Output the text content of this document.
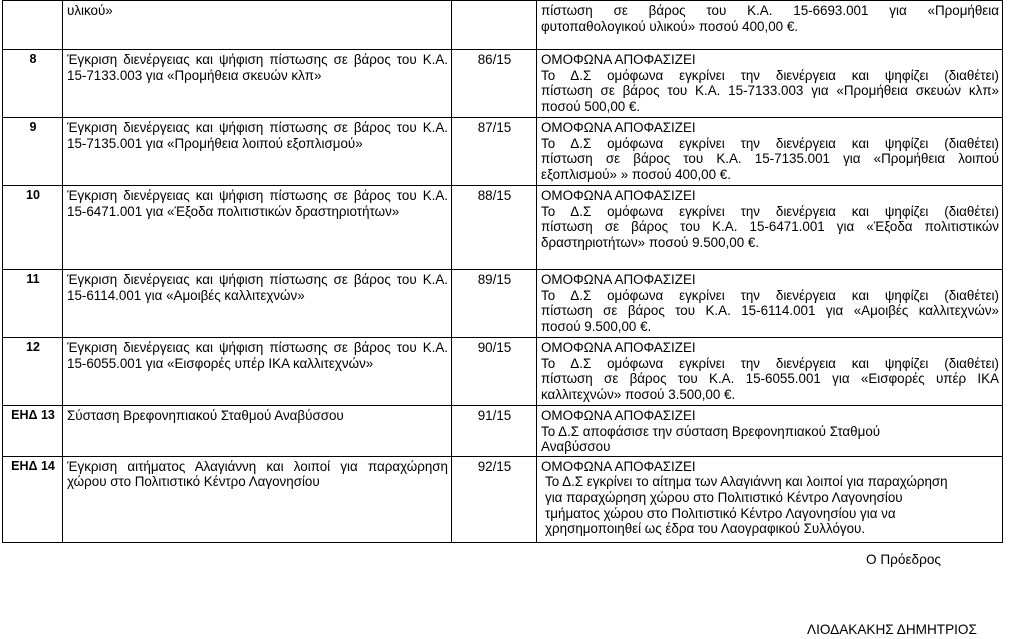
	υλικού»		πίστωση σε βάρος του Κ.Α. 15-6693.001 για «Προμήθεια
φυτοπαθολογικού υλικού» ποσού 400,00 €.

8	Έγκριση διενέργειας και ψήφιση πίστωσης σε βάρος του Κ.Α. 15-7133.003 για «Προμήθεια σκευών κλπ»	86/15	ΟΜΟΦΩΝΑ ΑΠΟΦΑΣΙΖΕΙ
Το Δ.Σ ομόφωνα εγκρίνει την διενέργεια και ψηφίζει (διαθέτει)
πίστωση σε βάρος του Κ.Α. 15-7133.003 για «Προμήθεια σκευών κλπ»
ποσού 500,00 €.

9	Έγκριση διενέργειας και ψήφιση πίστωσης σε βάρος του Κ.Α. 15-7135.001 για «Προμήθεια λοιπού εξοπλισμού»	87/15	ΟΜΟΦΩΝΑ ΑΠΟΦΑΣΙΖΕΙ
Το Δ.Σ ομόφωνα εγκρίνει την διενέργεια και ψηφίζει (διαθέτει)
πίστωση σε βάρος του Κ.Α. 15-7135.001 για «Προμήθεια λοιπού
εξοπλισμού» » ποσού 400,00 €.

10	Έγκριση διενέργειας και ψήφιση πίστωσης σε βάρος του Κ.Α. 15-6471.001 για «Έξοδα πολιτιστικών δραστηριοτήτων»	88/15	ΟΜΟΦΩΝΑ ΑΠΟΦΑΣΙΖΕΙ
Το Δ.Σ ομόφωνα εγκρίνει την διενέργεια και ψηφίζει (διαθέτει)
πίστωση σε βάρος του Κ.Α. 15-6471.001 για «Έξοδα πολιτιστικών
δραστηριοτήτων» ποσού 9.500,00 €.

11	Έγκριση διενέργειας και ψήφιση πίστωσης σε βάρος του Κ.Α. 15-6114.001 για «Αμοιβές καλλιτεχνών»	89/15	ΟΜΟΦΩΝΑ ΑΠΟΦΑΣΙΖΕΙ
Το Δ.Σ ομόφωνα εγκρίνει την διενέργεια και ψηφίζει (διαθέτει)
πίστωση σε βάρος του Κ.Α. 15-6114.001 για «Αμοιβές καλλιτεχνών»
ποσού 9.500,00 €.

12	Έγκριση διενέργειας και ψήφιση πίστωσης σε βάρος του Κ.Α. 15-6055.001 για «Εισφορές υπέρ ΙΚΑ καλλιτεχνών»	90/15	ΟΜΟΦΩΝΑ ΑΠΟΦΑΣΙΖΕΙ
Το Δ.Σ ομόφωνα εγκρίνει την διενέργεια και ψηφίζει (διαθέτει)
πίστωση σε βάρος του Κ.Α. 15-6055.001 για «Εισφορές υπέρ ΙΚΑ
καλλιτεχνών» ποσού 3.500,00 €.

ΕΗΔ 13	Σύσταση Βρεφονηπιακού Σταθμού Αναβύσσου	91/15	ΟΜΟΦΩΝΑ ΑΠΟΦΑΣΙΖΕΙ
Το Δ.Σ αποφάσισε την σύσταση Βρεφονηπιακού Σταθμού
Αναβύσσου

ΕΗΔ 14	Έγκριση αιτήματος Αλαγιάννη και λοιποί για παραχώρηση χώρου στο Πολιτιστικό Κέντρο Λαγονησίου	92/15	ΟΜΟΦΩΝΑ ΑΠΟΦΑΣΙΖΕΙ
Το Δ.Σ εγκρίνει το αίτημα των Αλαγιάννη και λοιποί για παραχώρηση
για παραχώρηση χώρου στο Πολιτιστικό Κέντρο Λαγονησίου
τμήματος χώρου στο Πολιτιστικό Κέντρο Λαγονησίου για να
χρησημοποιηθεί ως έδρα του Λαογραφικού Συλλόγου.
Ο Πρόεδρος
ΛΙΟΔΑΚΑΚΗΣ ΔΗΜΗΤΡΙΟΣ
